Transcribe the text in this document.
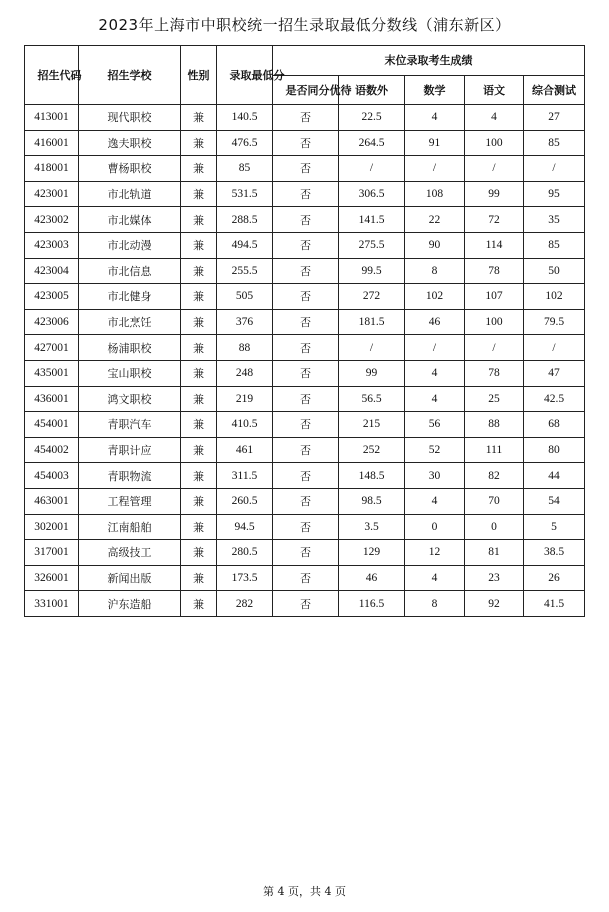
2023年上海市中职校统一招生录取最低分数线（浦东新区）
招生代码	招生学校	性别	录取最低分	末位录取考生成绩				
				是否同分优待	语数外	数学	语文	综合测试
413001	现代职校	兼	140.5	否	22.5	4	4	27
416001	逸夫职校	兼	476.5	否	264.5	91	100	85
418001	曹杨职校	兼	85	否	/	/	/	/
423001	市北轨道	兼	531.5	否	306.5	108	99	95
423002	市北媒体	兼	288.5	否	141.5	22	72	35
423003	市北动漫	兼	494.5	否	275.5	90	114	85
423004	市北信息	兼	255.5	否	99.5	8	78	50
423005	市北健身	兼	505	否	272	102	107	102
423006	市北烹饪	兼	376	否	181.5	46	100	79.5
427001	杨浦职校	兼	88	否	/	/	/	/
435001	宝山职校	兼	248	否	99	4	78	47
436001	鸿文职校	兼	219	否	56.5	4	25	42.5
454001	青职汽车	兼	410.5	否	215	56	88	68
454002	青职计应	兼	461	否	252	52	111	80
454003	青职物流	兼	311.5	否	148.5	30	82	44
463001	工程管理	兼	260.5	否	98.5	4	70	54
302001	江南船舶	兼	94.5	否	3.5	0	0	5
317001	高级技工	兼	280.5	否	129	12	81	38.5
326001	新闻出版	兼	173.5	否	46	4	23	26
331001	沪东造船	兼	282	否	116.5	8	92	41.5
第 4 页，共 4 页
